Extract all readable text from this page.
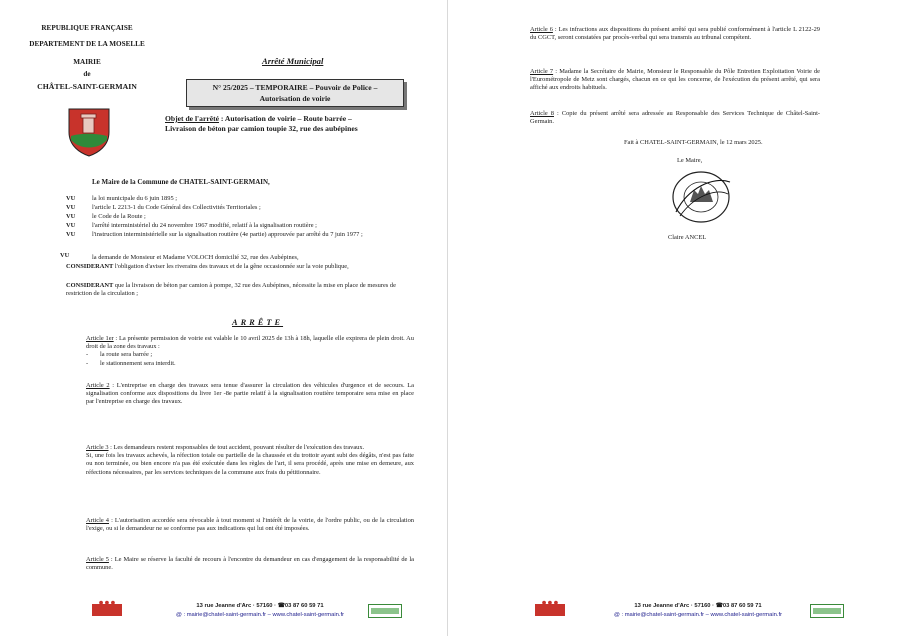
REPUBLIQUE FRANÇAISE
DEPARTEMENT DE LA MOSELLE
MAIRIE
de
CHÂTEL-SAINT-GERMAIN
Arrêté Municipal
N° 25/2025 – TEMPORAIRE – Pouvoir de Police –
Autorisation de voirie
Objet de l'arrêté : Autorisation de voirie – Route barrée –
Livraison de béton par camion toupie 32, rue des aubépines
Le Maire de la Commune de CHATEL-SAINT-GERMAIN,
VU	la loi municipale du 6 juin 1895 ;
VU	l'article L 2213-1 du Code Général des Collectivités Territoriales ;
VU	le Code de la Route ;
VU	l'arrêté interministériel du 24 novembre 1967 modifié, relatif à la signalisation routière ;
VU	l'instruction interministérielle sur la signalisation routière (4e partie) approuvée par arrêté du 7 juin 1977 ;
VU	la demande de Monsieur et Madame VOLOCH domicilié 32, rue des Aubépines,
CONSIDERANT l'obligation d'aviser les riverains des travaux et de la gêne occasionnée sur la voie publique,
CONSIDERANT que la livraison de béton par camion à pompe, 32 rue des Aubépines, nécessite la mise en place de mesures de restriction de la circulation ;
ARRÊTE
Article 1er : La présente permission de voirie est valable le 10 avril 2025 de 13h à 18h, laquelle elle expirera de plein droit. Au droit de la zone des travaux :
- la route sera barrée ;
- le stationnement sera interdit.
Article 2 : L'entreprise en charge des travaux sera tenue d'assurer la circulation des véhicules d'urgence et de secours. La signalisation conforme aux dispositions du livre 1er -8e partie relatif à la signalisation routière temporaire sera mise en place par l'entreprise en charge des travaux.
Article 3 : Les demandeurs restent responsables de tout accident, pouvant résulter de l'exécution des travaux.
Si, une fois les travaux achevés, la réfection totale ou partielle de la chaussée et du trottoir ayant subi des dégâts, n'est pas faite ou non terminée, ou bien encore n'a pas été exécutée dans les règles de l'art, il sera procédé, après une mise en demeure, aux réfections nécessaires, par les services techniques de la commune aux frais du pétitionnaire.
Article 4 : L'autorisation accordée sera révocable à tout moment si l'intérêt de la voirie, de l'ordre public, ou de la circulation l'exige, ou si le demandeur ne se conforme pas aux indications qui lui ont été imposées.
Article 5 : Le Maire se réserve la faculté de recours à l'encontre du demandeur en cas d'engagement de la responsabilité de la commune.
● ● ●	13 rue Jeanne d'Arc · 57160 · ☎03 87 60 59 71
@ : mairie@chatel-saint-germain.fr – www.chatel-saint-germain.fr
Article 6 : Les infractions aux dispositions du présent arrêté qui sera publié conformément à l'article L 2122-29 du CGCT, seront constatées par procès-verbal qui sera transmis au tribunal compétent.
Article 7 : Madame la Secrétaire de Mairie, Monsieur le Responsable du Pôle Entretien Exploitation Voirie de l'Eurométropole de Metz sont chargés, chacun en ce qui les concerne, de l'exécution du présent arrêté, qui sera affiché aux endroits habituels.
Article 8 : Copie du présent arrêté sera adressée au Responsable des Services Technique de Châtel-Saint-Germain.
Fait à CHATEL-SAINT-GERMAIN, le 12 mars 2025.
Le Maire,
Claire ANCEL
● ● ●	13 rue Jeanne d'Arc · 57160 · ☎03 87 60 59 71
@ : mairie@chatel-saint-germain.fr – www.chatel-saint-germain.fr
